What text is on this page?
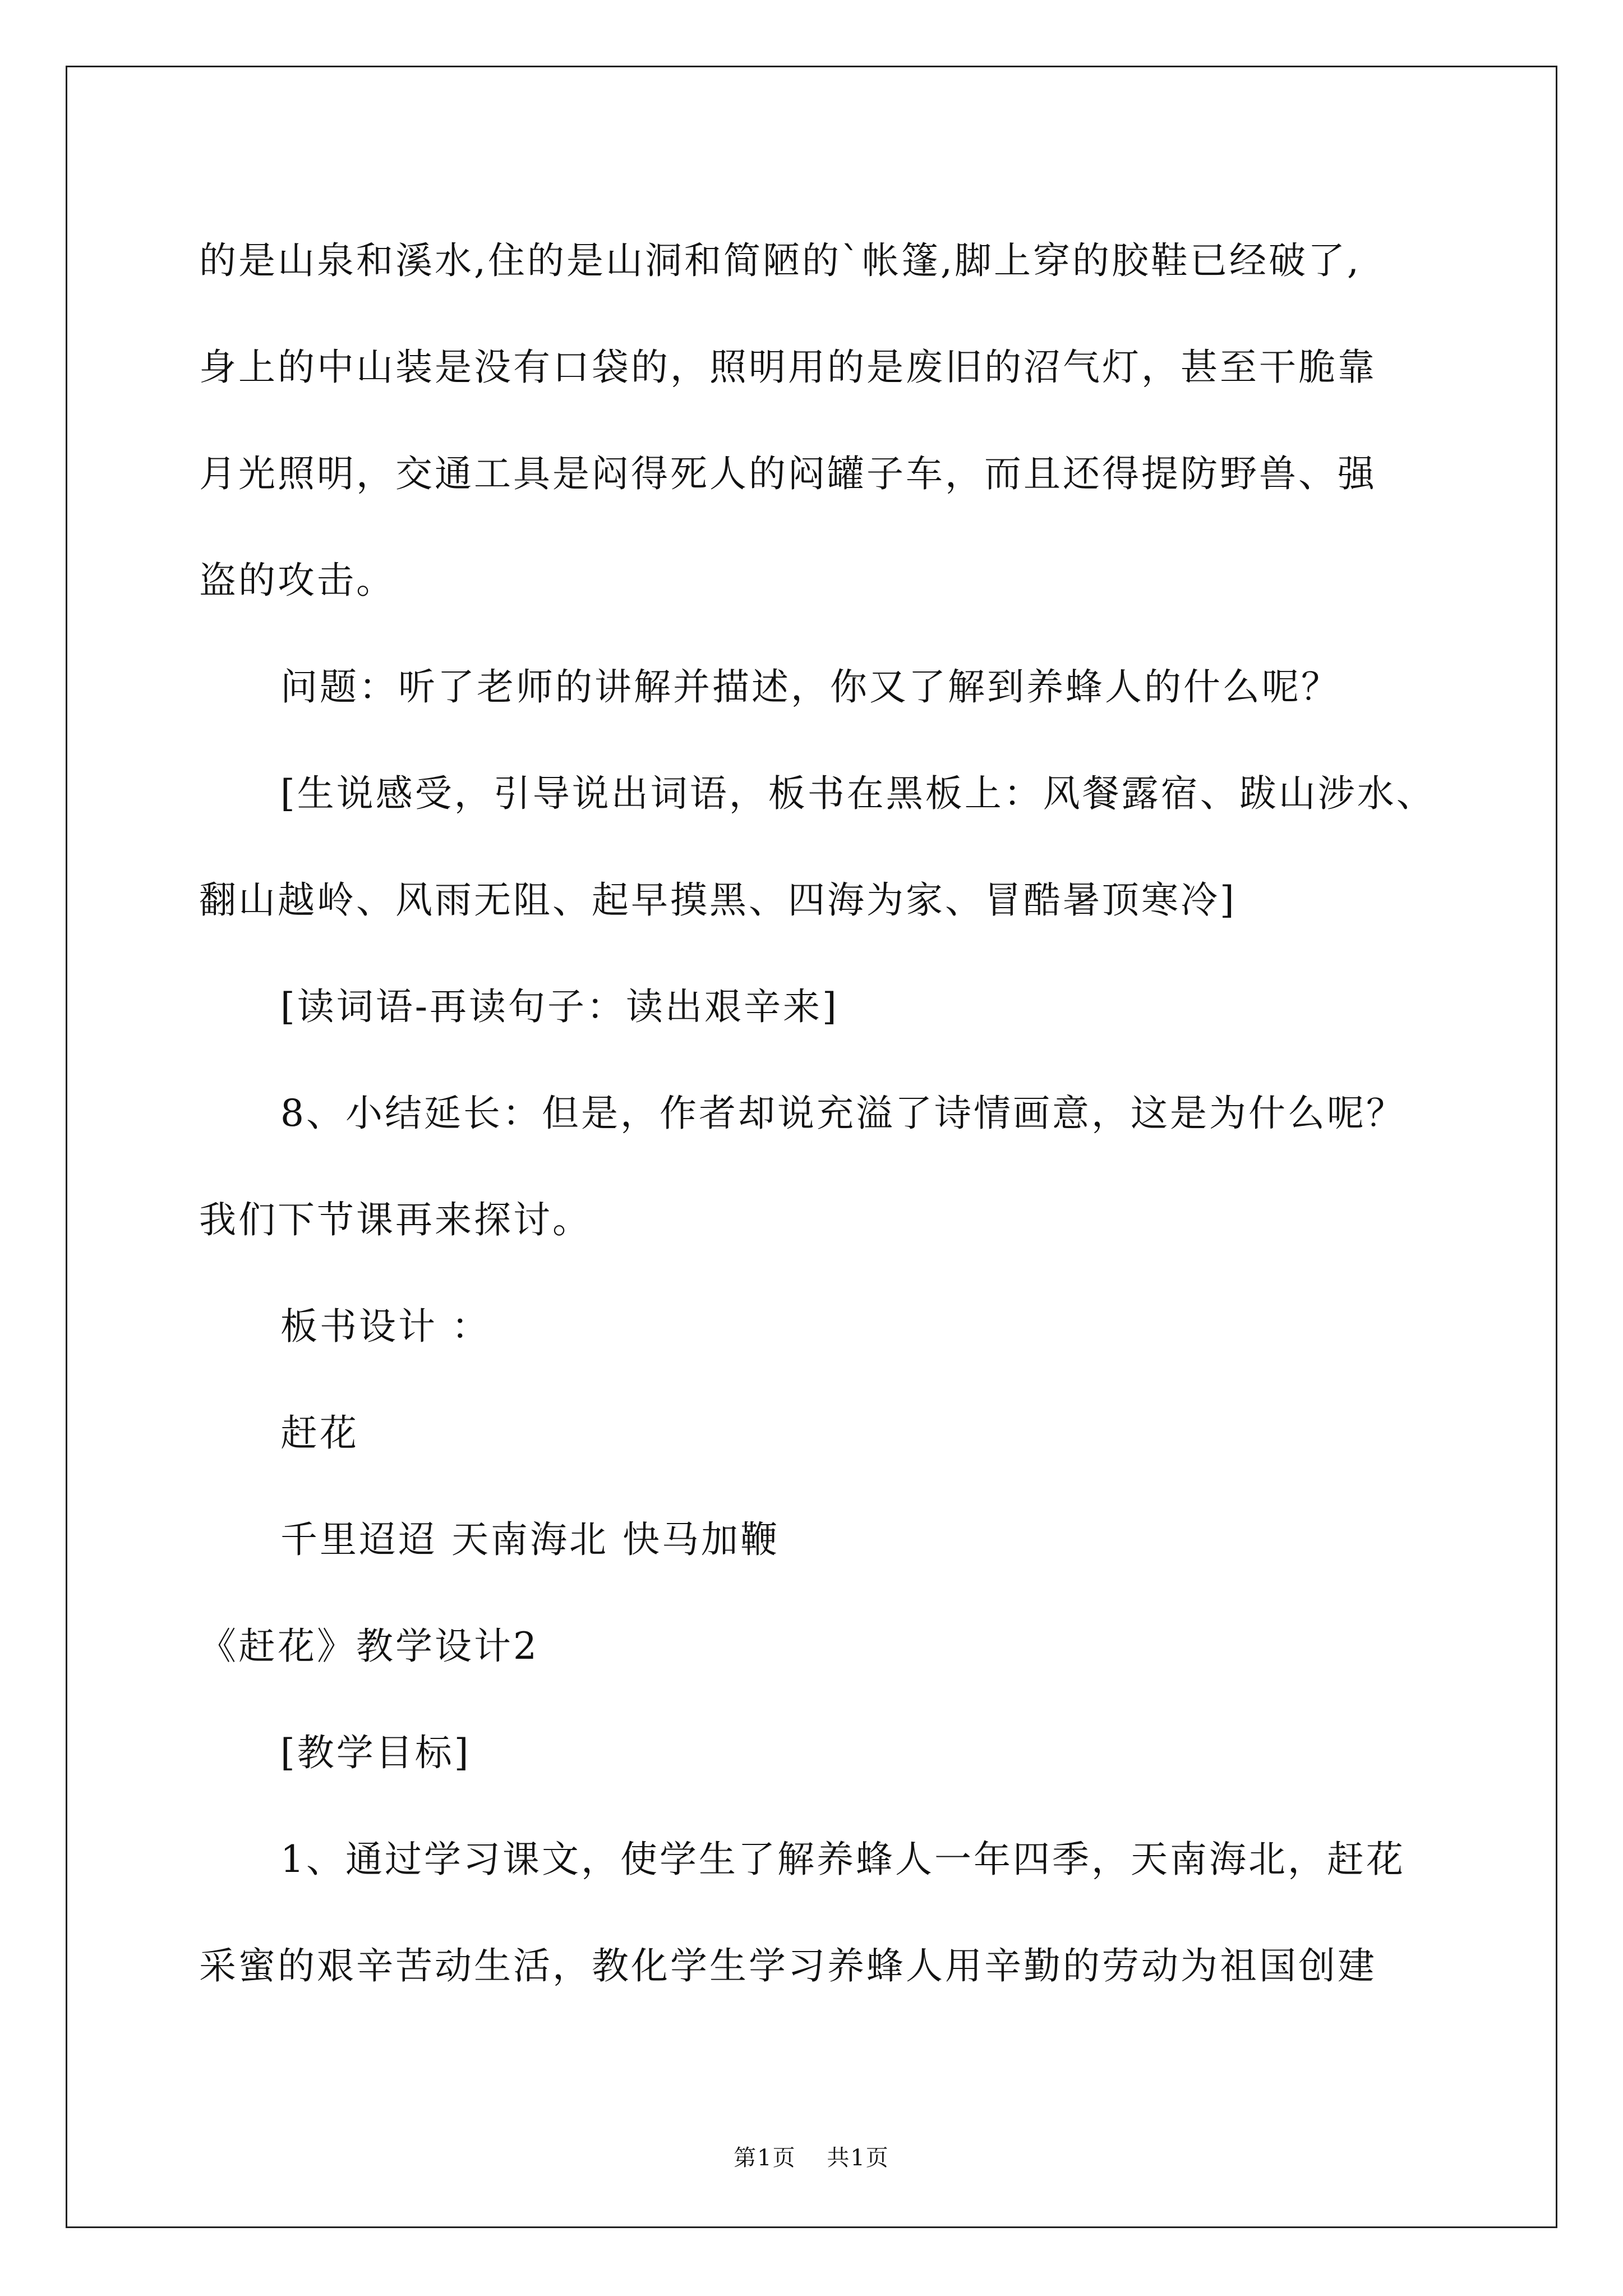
的是山泉和溪水,住的是山洞和简陋的`帐篷,脚上穿的胶鞋已经破了,
身上的中山装是没有口袋的，照明用的是废旧的沼气灯，甚至干脆靠
月光照明，交通工具是闷得死人的闷罐子车，而且还得提防野兽、强
盗的攻击。
问题：听了老师的讲解并描述，你又了解到养蜂人的什么呢？
[生说感受，引导说出词语，板书在黑板上：风餐露宿、跋山涉水、
翻山越岭、风雨无阻、起早摸黑、四海为家、冒酷暑顶寒冷]
[读词语-再读句子：读出艰辛来]
8、小结延长：但是，作者却说充溢了诗情画意，这是为什么呢？
我们下节课再来探讨。
板书设计 ：
赶花
千里迢迢 天南海北 快马加鞭
《赶花》教学设计2
[教学目标]
1、通过学习课文，使学生了解养蜂人一年四季，天南海北，赶花
采蜜的艰辛苦动生活，教化学生学习养蜂人用辛勤的劳动为祖国创建
第1页 共1页
